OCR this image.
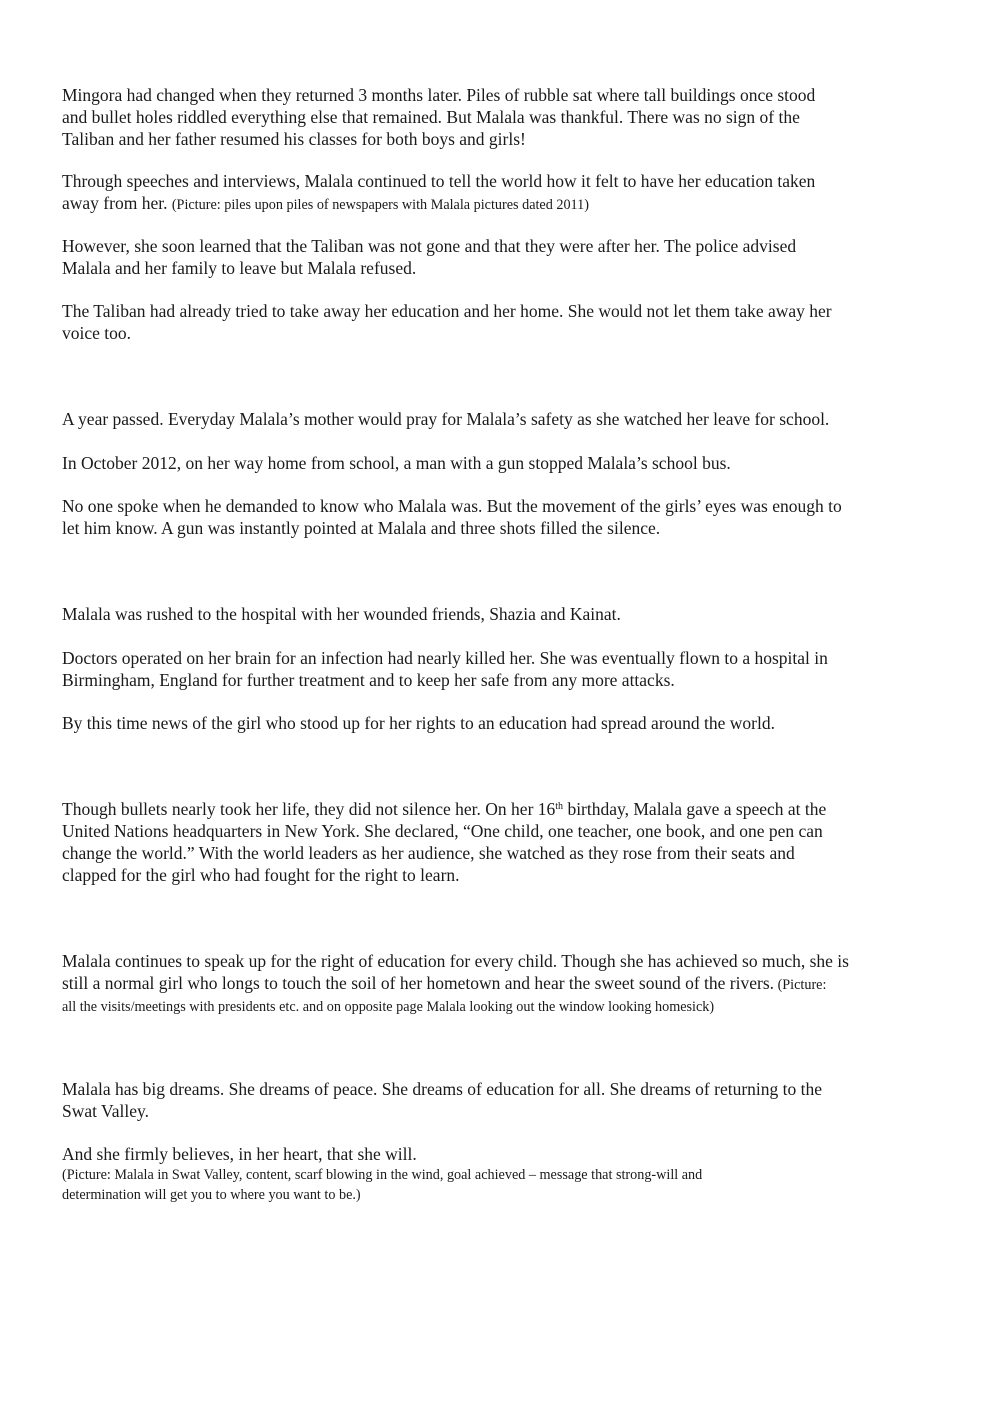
Mingora had changed when they returned 3 months later. Piles of rubble sat where tall buildings once stood
and bullet holes riddled everything else that remained. But Malala was thankful. There was no sign of the
Taliban and her father resumed his classes for both boys and girls!

Through speeches and interviews, Malala continued to tell the world how it felt to have her education taken
away from her. (Picture: piles upon piles of newspapers with Malala pictures dated 2011)

However, she soon learned that the Taliban was not gone and that they were after her. The police advised
Malala and her family to leave but Malala refused.

The Taliban had already tried to take away her education and her home. She would not let them take away her
voice too.

A year passed. Everyday Malala’s mother would pray for Malala’s safety as she watched her leave for school.

In October 2012, on her way home from school, a man with a gun stopped Malala’s school bus.

No one spoke when he demanded to know who Malala was. But the movement of the girls’ eyes was enough to
let him know. A gun was instantly pointed at Malala and three shots filled the silence.

Malala was rushed to the hospital with her wounded friends, Shazia and Kainat.

Doctors operated on her brain for an infection had nearly killed her. She was eventually flown to a hospital in
Birmingham, England for further treatment and to keep her safe from any more attacks.

By this time news of the girl who stood up for her rights to an education had spread around the world.

Though bullets nearly took her life, they did not silence her. On her 16th birthday, Malala gave a speech at the
United Nations headquarters in New York. She declared, “One child, one teacher, one book, and one pen can
change the world.” With the world leaders as her audience, she watched as they rose from their seats and
clapped for the girl who had fought for the right to learn.

Malala continues to speak up for the right of education for every child. Though she has achieved so much, she is
still a normal girl who longs to touch the soil of her hometown and hear the sweet sound of the rivers. (Picture:
all the visits/meetings with presidents etc. and on opposite page Malala looking out the window looking homesick)

Malala has big dreams. She dreams of peace. She dreams of education for all. She dreams of returning to the
Swat Valley.

And she firmly believes, in her heart, that she will.
(Picture: Malala in Swat Valley, content, scarf blowing in the wind, goal achieved – message that strong-will and
determination will get you to where you want to be.)
